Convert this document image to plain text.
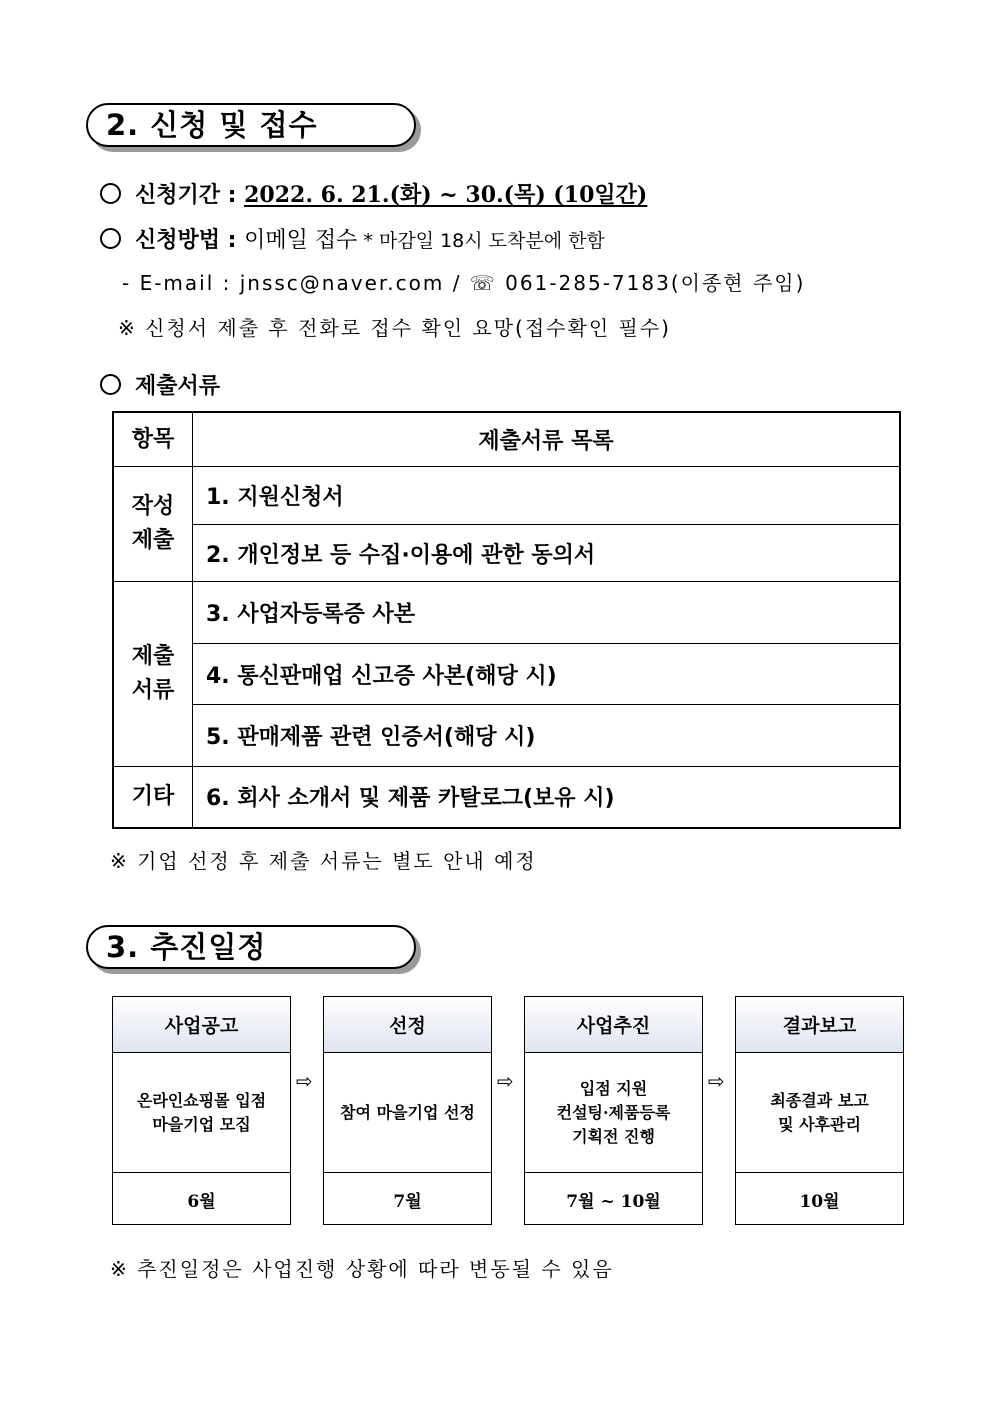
2. 신청 및 접수
신청기간 : 2022. 6. 21.(화) ~ 30.(목) (10일간)
신청방법 : 이메일 접수 * 마감일 18시 도착분에 한함
- E-mail : jnssc@naver.com / ☏ 061-285-7183(이종현 주임)
※ 신청서 제출 후 전화로 접수 확인 요망(접수확인 필수)
제출서류
항목	제출서류 목록

작성
제출	1. 지원신청서
	2. 개인정보 등 수집·이용에 관한 동의서

제출
서류	3. 사업자등록증 사본
	4. 통신판매업 신고증 사본(해당 시)
	5. 판매제품 관련 인증서(해당 시)
기타	6. 회사 소개서 및 제품 카탈로그(보유 시)
※ 기업 선정 후 제출 서류는 별도 안내 예정
3. 추진일정
사업공고
온라인쇼핑몰 입점
마을기업 모집
6월
⇨
선정
참여 마을기업 선정
7월
⇨
사업추진
입점 지원
컨설팅·제품등록
기획전 진행
7월 ~ 10월
⇨
결과보고
최종결과 보고
및 사후관리
10월
※ 추진일정은 사업진행 상황에 따라 변동될 수 있음
